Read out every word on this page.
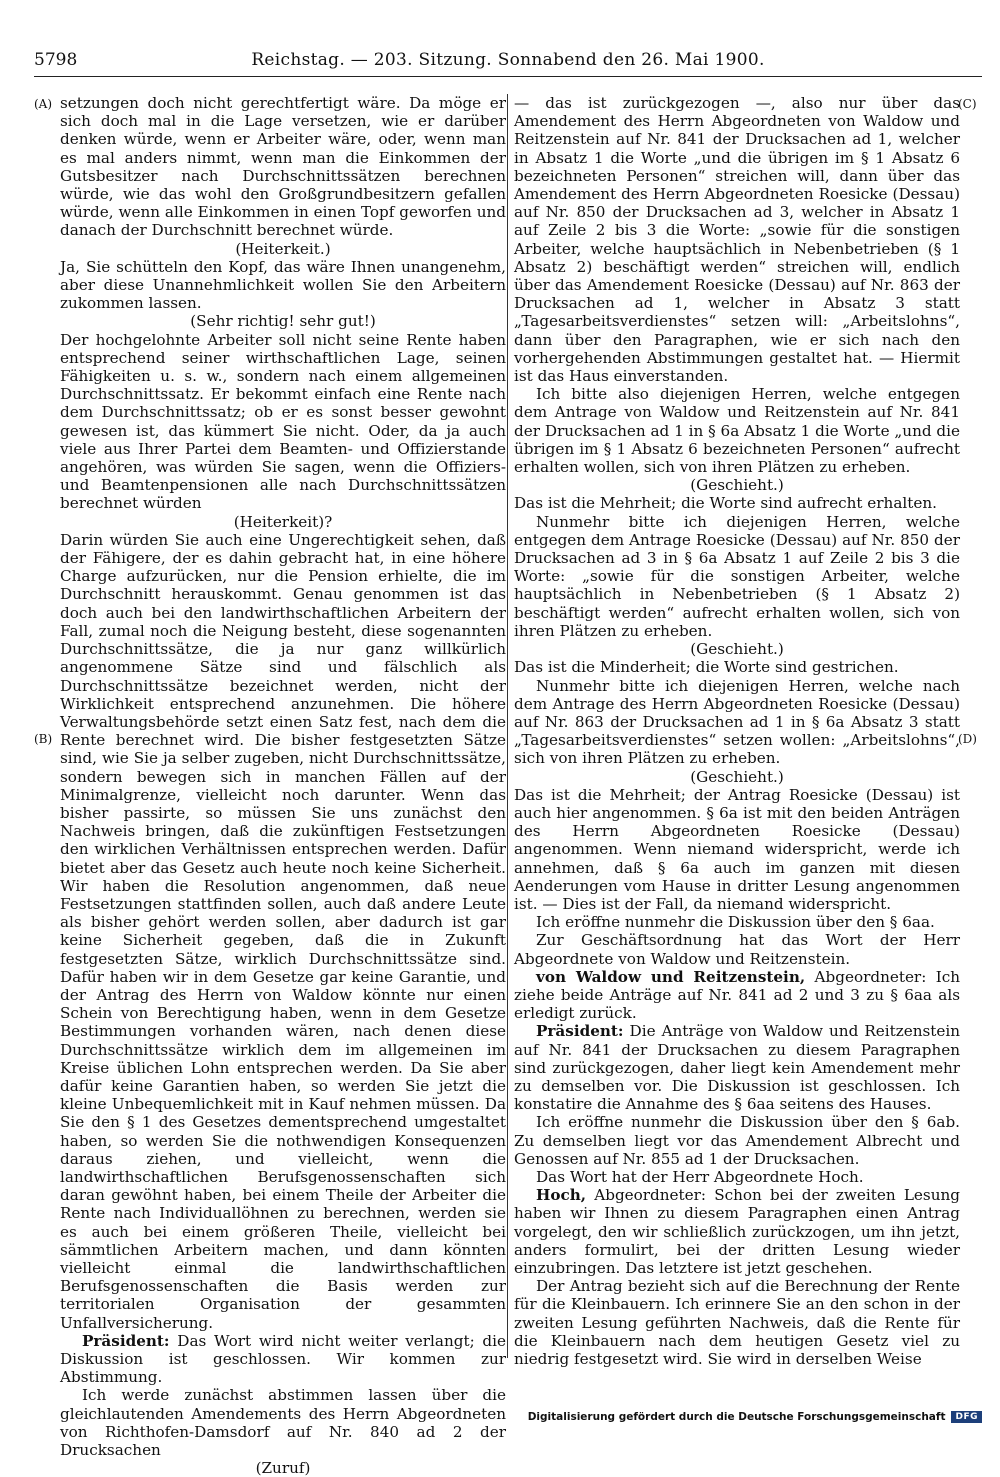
5798	Reichstag. — 203. Sitzung. Sonnabend den 26. Mai 1900.
(A)
(B)
(C)
(D)

setzungen doch nicht gerechtfertigt wäre. Da möge er sich doch mal in die Lage versetzen, wie er darüber denken würde, wenn er Arbeiter wäre, oder, wenn man es mal anders nimmt, wenn man die Einkommen der Gutsbesitzer nach Durchschnittssätzen berechnen würde, wie das wohl den Großgrundbesitzern gefallen würde, wenn alle Einkommen in einen Topf geworfen und danach der Durchschnitt berechnet würde.

(Heiterkeit.)

Ja, Sie schütteln den Kopf, das wäre Ihnen unangenehm, aber diese Unannehmlichkeit wollen Sie den Arbeitern zukommen lassen.

(Sehr richtig! sehr gut!)

Der hochgelohnte Arbeiter soll nicht seine Rente haben entsprechend seiner wirthschaftlichen Lage, seinen Fähigkeiten u. s. w., sondern nach einem allgemeinen Durchschnittssatz. Er bekommt einfach eine Rente nach dem Durchschnittssatz; ob er es sonst besser gewohnt gewesen ist, das kümmert Sie nicht. Oder, da ja auch viele aus Ihrer Partei dem Beamten- und Offizierstande angehören, was würden Sie sagen, wenn die Offiziers- und Beamtenpensionen alle nach Durchschnittssätzen berechnet würden

(Heiterkeit)?

Darin würden Sie auch eine Ungerechtigkeit sehen, daß der Fähigere, der es dahin gebracht hat, in eine höhere Charge aufzurücken, nur die Pension erhielte, die im Durchschnitt herauskommt. Genau genommen ist das doch auch bei den landwirthschaftlichen Arbeitern der Fall, zumal noch die Neigung besteht, diese sogenannten Durchschnittssätze, die ja nur ganz willkürlich angenommene Sätze sind und fälschlich als Durchschnittssätze bezeichnet werden, nicht der Wirklichkeit entsprechend anzunehmen. Die höhere Verwaltungsbehörde setzt einen Satz fest, nach dem die Rente berechnet wird. Die bisher festgesetzten Sätze sind, wie Sie ja selber zugeben, nicht Durchschnittssätze, sondern bewegen sich in manchen Fällen auf der Minimalgrenze, vielleicht noch darunter. Wenn das bisher passirte, so müssen Sie uns zunächst den Nachweis bringen, daß die zukünftigen Festsetzungen den wirklichen Verhältnissen entsprechen werden. Dafür bietet aber das Gesetz auch heute noch keine Sicherheit. Wir haben die Resolution angenommen, daß neue Festsetzungen stattfinden sollen, auch daß andere Leute als bisher gehört werden sollen, aber dadurch ist gar keine Sicherheit gegeben, daß die in Zukunft festgesetzten Sätze, wirklich Durchschnittssätze sind. Dafür haben wir in dem Gesetze gar keine Garantie, und der Antrag des Herrn von Waldow könnte nur einen Schein von Berechtigung haben, wenn in dem Gesetze Bestimmungen vorhanden wären, nach denen diese Durchschnittssätze wirklich dem im allgemeinen im Kreise üblichen Lohn entsprechen werden. Da Sie aber dafür keine Garantien haben, so werden Sie jetzt die kleine Unbequemlichkeit mit in Kauf nehmen müssen. Da Sie den § 1 des Gesetzes dementsprechend umgestaltet haben, so werden Sie die nothwendigen Konsequenzen daraus ziehen, und vielleicht, wenn die landwirthschaftlichen Berufsgenossenschaften sich daran gewöhnt haben, bei einem Theile der Arbeiter die Rente nach Individuallöhnen zu berechnen, werden sie es auch bei einem größeren Theile, vielleicht bei sämmtlichen Arbeitern machen, und dann könnten vielleicht einmal die landwirthschaftlichen Berufsgenossenschaften die Basis werden zur territorialen Organisation der gesammten Unfallversicherung.

Präsident: Das Wort wird nicht weiter verlangt; die Diskussion ist geschlossen. Wir kommen zur Abstimmung.

Ich werde zunächst abstimmen lassen über die gleichlautenden Amendements des Herrn Abgeordneten von Richthofen-Damsdorf auf Nr. 840 ad 2 der Drucksachen

(Zuruf)

— das ist zurückgezogen —, also nur über das Amendement des Herrn Abgeordneten von Waldow und Reitzenstein auf Nr. 841 der Drucksachen ad 1, welcher in Absatz 1 die Worte „und die übrigen im § 1 Absatz 6 bezeichneten Personen“ streichen will, dann über das Amendement des Herrn Abgeordneten Roesicke (Dessau) auf Nr. 850 der Drucksachen ad 3, welcher in Absatz 1 auf Zeile 2 bis 3 die Worte: „sowie für die sonstigen Arbeiter, welche hauptsächlich in Nebenbetrieben (§ 1 Absatz 2) beschäftigt werden“ streichen will, endlich über das Amendement Roesicke (Dessau) auf Nr. 863 der Drucksachen ad 1, welcher in Absatz 3 statt „Tagesarbeitsverdienstes“ setzen will: „Arbeitslohns“, dann über den Paragraphen, wie er sich nach den vorhergehenden Abstimmungen gestaltet hat. — Hiermit ist das Haus einverstanden.

Ich bitte also diejenigen Herren, welche entgegen dem Antrage von Waldow und Reitzenstein auf Nr. 841 der Drucksachen ad 1 in § 6a Absatz 1 die Worte „und die übrigen im § 1 Absatz 6 bezeichneten Personen“ aufrecht erhalten wollen, sich von ihren Plätzen zu erheben.

(Geschieht.)

Das ist die Mehrheit; die Worte sind aufrecht erhalten.

Nunmehr bitte ich diejenigen Herren, welche entgegen dem Antrage Roesicke (Dessau) auf Nr. 850 der Drucksachen ad 3 in § 6a Absatz 1 auf Zeile 2 bis 3 die Worte: „sowie für die sonstigen Arbeiter, welche hauptsächlich in Nebenbetrieben (§ 1 Absatz 2) beschäftigt werden“ aufrecht erhalten wollen, sich von ihren Plätzen zu erheben.

(Geschieht.)

Das ist die Minderheit; die Worte sind gestrichen.

Nunmehr bitte ich diejenigen Herren, welche nach dem Antrage des Herrn Abgeordneten Roesicke (Dessau) auf Nr. 863 der Drucksachen ad 1 in § 6a Absatz 3 statt „Tagesarbeitsverdienstes“ setzen wollen: „Arbeitslohns“, sich von ihren Plätzen zu erheben.

(Geschieht.)

Das ist die Mehrheit; der Antrag Roesicke (Dessau) ist auch hier angenommen. § 6a ist mit den beiden Anträgen des Herrn Abgeordneten Roesicke (Dessau) angenommen. Wenn niemand widerspricht, werde ich annehmen, daß § 6a auch im ganzen mit diesen Aenderungen vom Hause in dritter Lesung angenommen ist. — Dies ist der Fall, da niemand widerspricht.

Ich eröffne nunmehr die Diskussion über den § 6aa.

Zur Geschäftsordnung hat das Wort der Herr Abgeordnete von Waldow und Reitzenstein.

von Waldow und Reitzenstein, Abgeordneter: Ich ziehe beide Anträge auf Nr. 841 ad 2 und 3 zu § 6aa als erledigt zurück.

Präsident: Die Anträge von Waldow und Reitzenstein auf Nr. 841 der Drucksachen zu diesem Paragraphen sind zurückgezogen, daher liegt kein Amendement mehr zu demselben vor. Die Diskussion ist geschlossen. Ich konstatire die Annahme des § 6aa seitens des Hauses.

Ich eröffne nunmehr die Diskussion über den § 6ab. Zu demselben liegt vor das Amendement Albrecht und Genossen auf Nr. 855 ad 1 der Drucksachen.

Das Wort hat der Herr Abgeordnete Hoch.

Hoch, Abgeordneter: Schon bei der zweiten Lesung haben wir Ihnen zu diesem Paragraphen einen Antrag vorgelegt, den wir schließlich zurückzogen, um ihn jetzt, anders formulirt, bei der dritten Lesung wieder einzubringen. Das letztere ist jetzt geschehen.

Der Antrag bezieht sich auf die Berechnung der Rente für die Kleinbauern. Ich erinnere Sie an den schon in der zweiten Lesung geführten Nachweis, daß die Rente für die Kleinbauern nach dem heutigen Gesetz viel zu niedrig festgesetzt wird. Sie wird in derselben Weise

Digitalisierung gefördert durch die Deutsche Forschungsgemeinschaft	DFG
